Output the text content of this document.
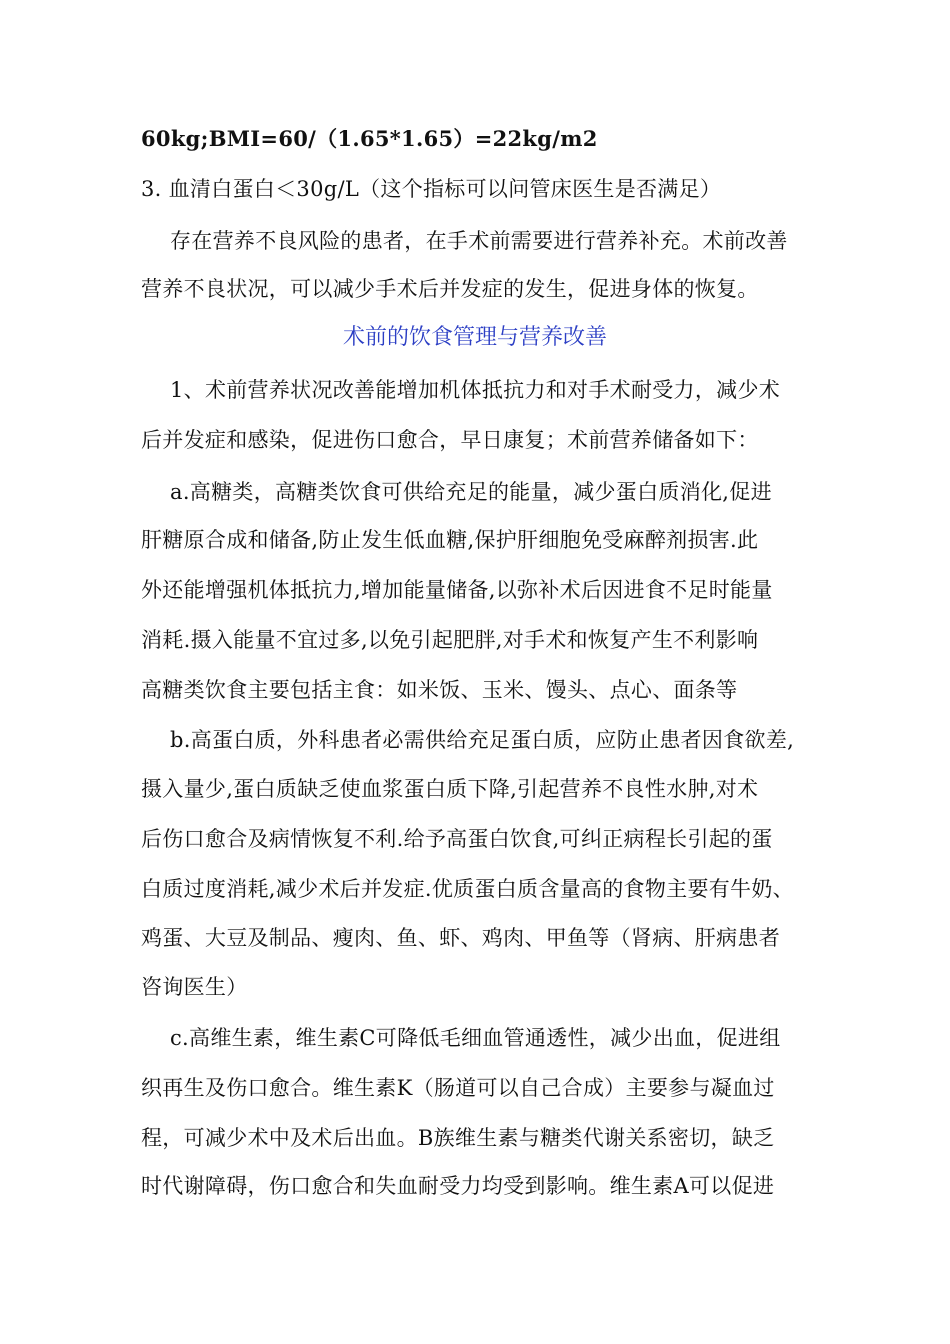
60kg;BMI=60/（1.65*1.65）=22kg/m2
3. 血清白蛋白＜30g/L（这个指标可以问管床医生是否满足）
存在营养不良风险的患者，在手术前需要进行营养补充。术前改善
营养不良状况，可以减少手术后并发症的发生，促进身体的恢复。
术前的饮食管理与营养改善
1、术前营养状况改善能增加机体抵抗力和对手术耐受力，减少术
后并发症和感染，促进伤口愈合，早日康复；术前营养储备如下：
a.高糖类，高糖类饮食可供给充足的能量，减少蛋白质消化,促进
肝糖原合成和储备,防止发生低血糖,保护肝细胞免受麻醉剂损害.此
外还能增强机体抵抗力,增加能量储备,以弥补术后因进食不足时能量
消耗.摄入能量不宜过多,以免引起肥胖,对手术和恢复产生不利影响
高糖类饮食主要包括主食：如米饭、玉米、馒头、点心、面条等
b.高蛋白质，外科患者必需供给充足蛋白质，应防止患者因食欲差,
摄入量少,蛋白质缺乏使血浆蛋白质下降,引起营养不良性水肿,对术
后伤口愈合及病情恢复不利.给予高蛋白饮食,可纠正病程长引起的蛋
白质过度消耗,减少术后并发症.优质蛋白质含量高的食物主要有牛奶、
鸡蛋、大豆及制品、瘦肉、鱼、虾、鸡肉、甲鱼等（肾病、肝病患者
咨询医生）
c.高维生素，维生素C可降低毛细血管通透性，减少出血，促进组
织再生及伤口愈合。维生素K（肠道可以自己合成）主要参与凝血过
程，可减少术中及术后出血。B族维生素与糖类代谢关系密切，缺乏
时代谢障碍，伤口愈合和失血耐受力均受到影响。维生素A可以促进
